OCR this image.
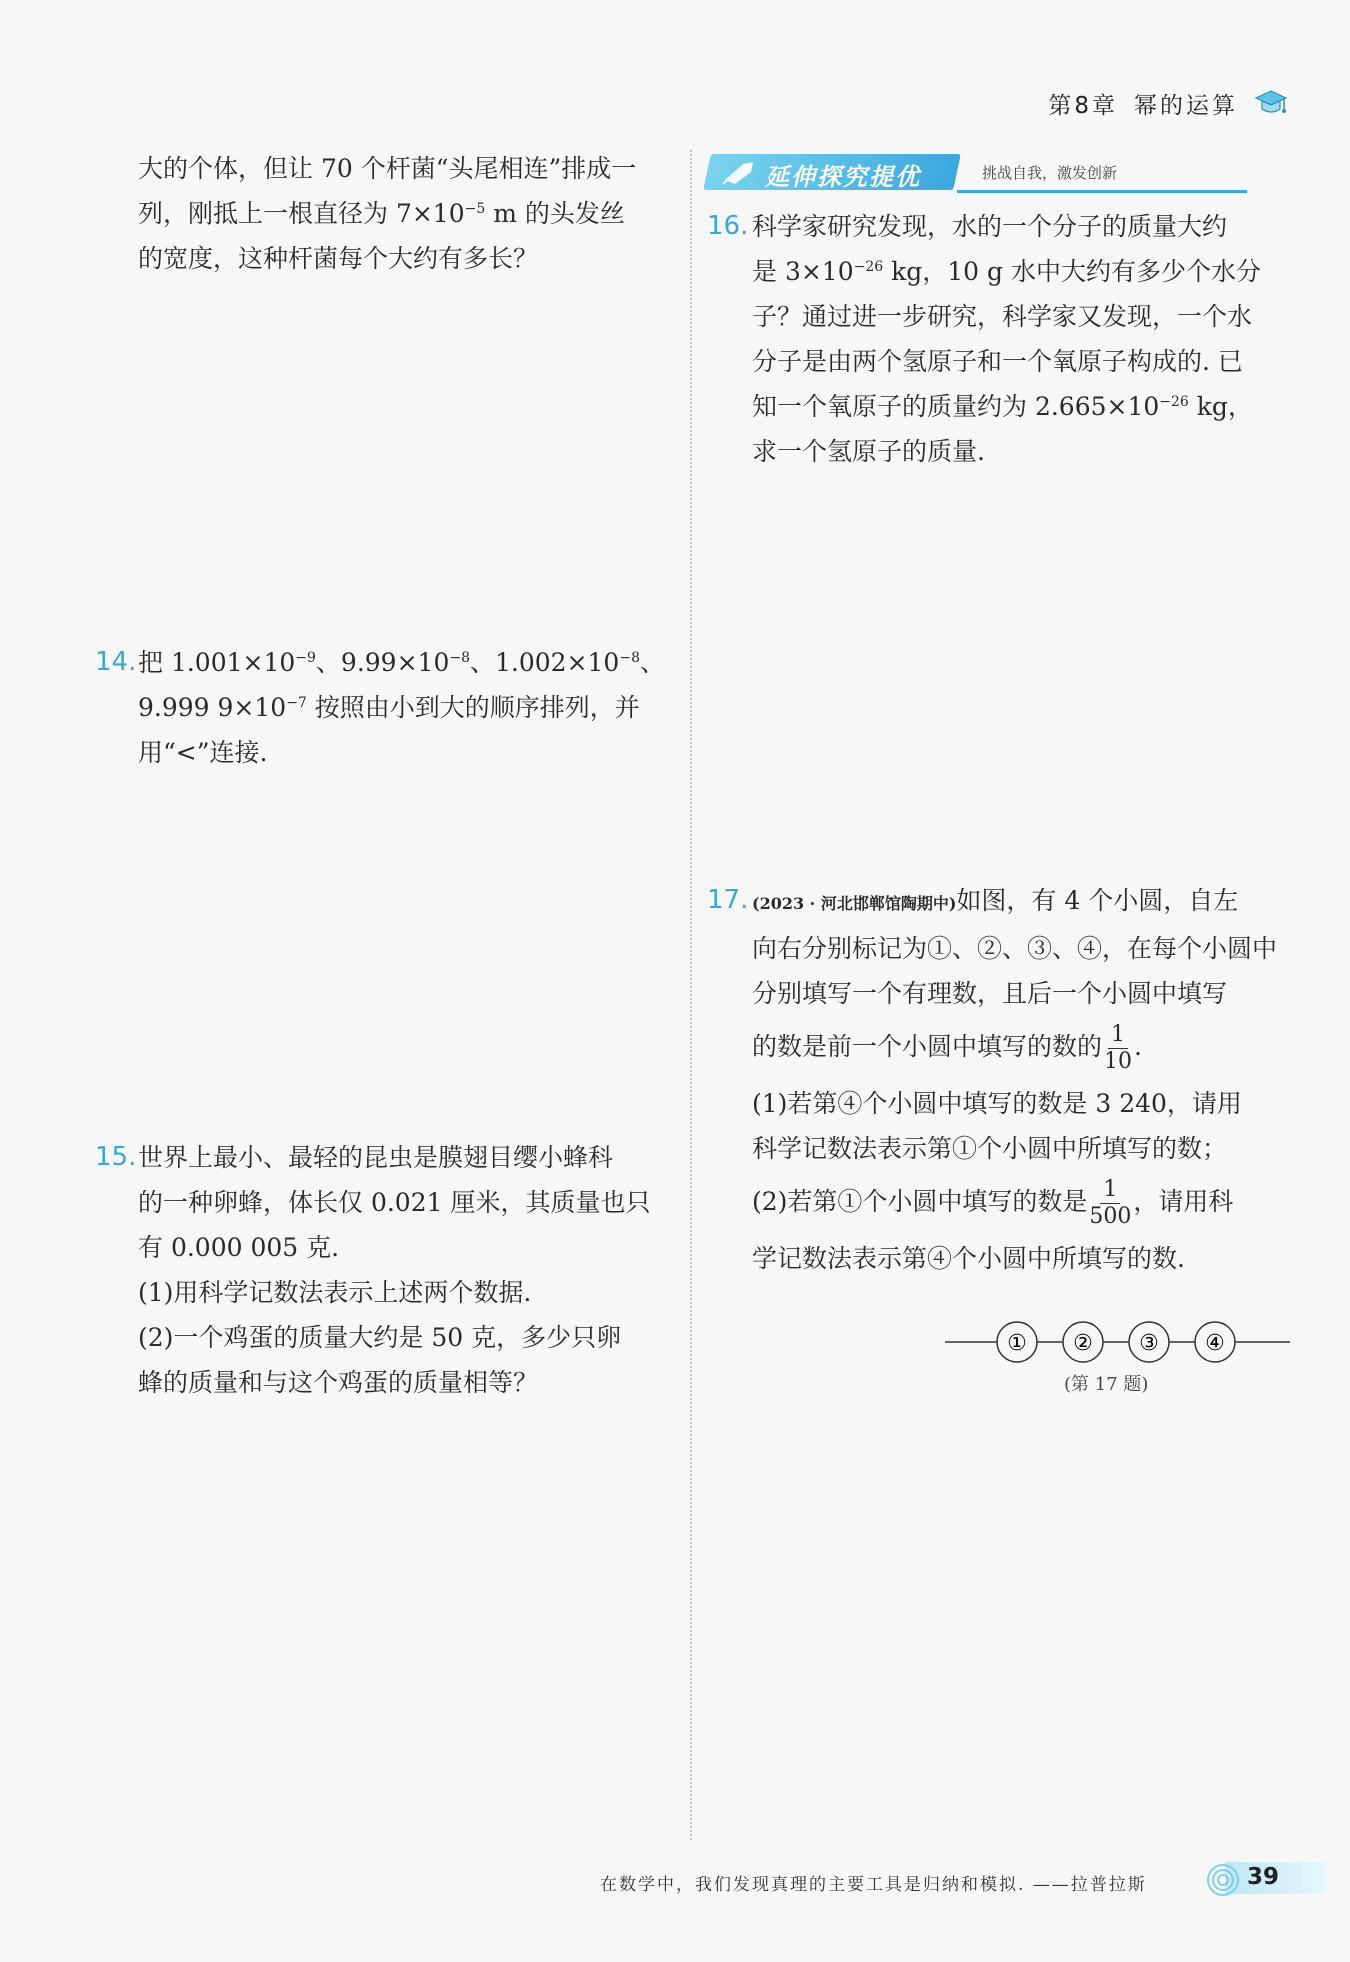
第8章 幂的运算
大的个体，但让 70 个杆菌“头尾相连”排成一
列，刚抵上一根直径为 $7\times 10^{-5}$ m 的头发丝
的宽度，这种杆菌每个大约有多长？
14. 把 $1.001\times 10^{-9}$、$9.99\times 10^{-8}$、$1.002\times 10^{-8}$、
9.999 $9\times 10^{-7}$ 按照由小到大的顺序排列，并
用“<”连接.
15. 世界上最小、最轻的昆虫是膜翅目缨小蜂科
的一种卵蜂，体长仅 0.021 厘米，其质量也只
有 0.000 005 克.
(1)用科学记数法表示上述两个数据.
(2)一个鸡蛋的质量大约是 50 克，多少只卵
蜂的质量和与这个鸡蛋的质量相等？
延伸探究提优	挑战自我，激发创新
16. 科学家研究发现，水的一个分子的质量大约
是 $3\times 10^{-26}$ kg，10 g 水中大约有多少个水分
子？通过进一步研究，科学家又发现，一个水
分子是由两个氢原子和一个氧原子构成的. 已
知一个氧原子的质量约为 $2.665\times 10^{-26}$ kg，
求一个氢原子的质量.
17. (2023 · 河北邯郸馆陶期中)如图，有 4 个小圆，自左
向右分别标记为①、②、③、④，在每个小圆中
分别填写一个有理数，且后一个小圆中填写
的数是前一个小圆中填写的数的 $\frac{1}{10}$ .
(1)若第④个小圆中填写的数是 3 240，请用
科学记数法表示第①个小圆中所填写的数；
(2)若第①个小圆中填写的数是 $\frac{1}{500}$ ，请用科
学记数法表示第④个小圆中所填写的数.
① ② ③ ④
(第 17 题)
在数学中，我们发现真理的主要工具是归纳和模拟. ——拉普拉斯	39
